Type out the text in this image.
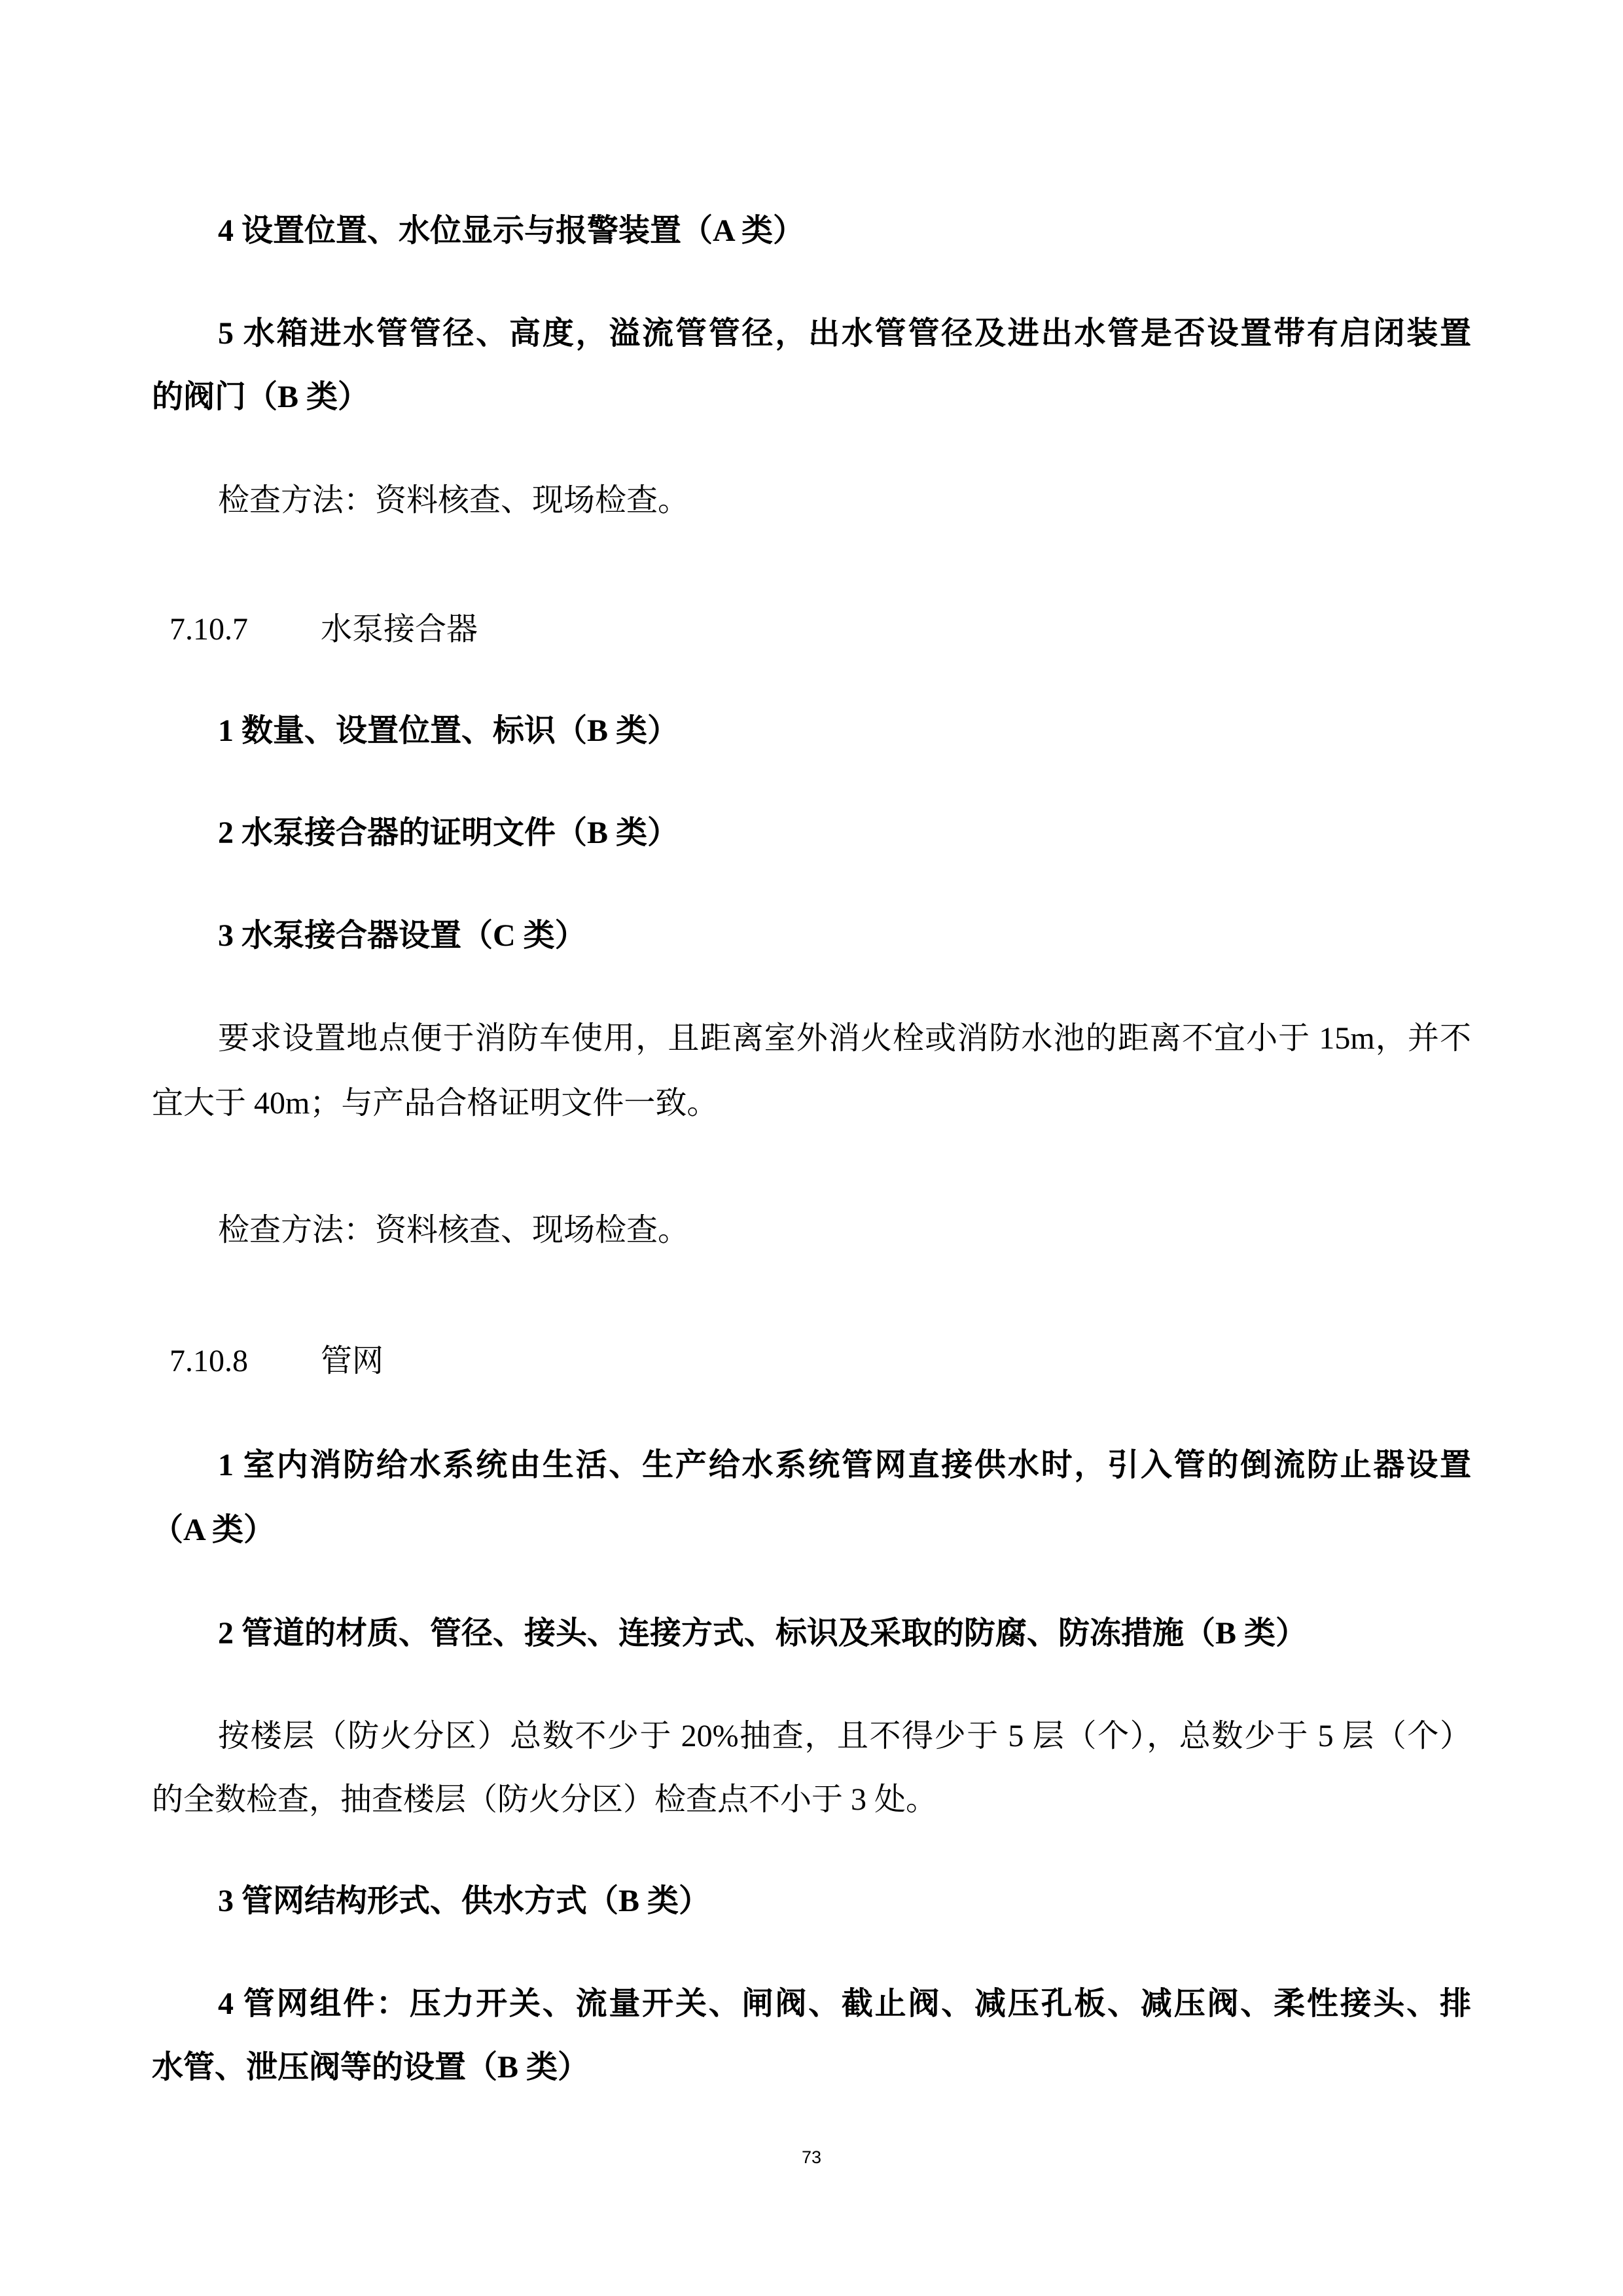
4 设置位置、水位显示与报警装置（A 类）
5 水箱进水管管径、高度，溢流管管径，出水管管径及进出水管是否设置带有启闭装置
的阀门（B 类）
检查方法：资料核查、现场检查。
7.10.7 水泵接合器
1 数量、设置位置、标识（B 类）
2 水泵接合器的证明文件（B 类）
3 水泵接合器设置（C 类）
要求设置地点便于消防车使用，且距离室外消火栓或消防水池的距离不宜小于 15m，并不
宜大于 40m；与产品合格证明文件一致。
检查方法：资料核查、现场检查。
7.10.8 管网
1 室内消防给水系统由生活、生产给水系统管网直接供水时，引入管的倒流防止器设置
（A 类）
2 管道的材质、管径、接头、连接方式、标识及采取的防腐、防冻措施（B 类）
按楼层（防火分区）总数不少于 20%抽查，且不得少于 5 层（个），总数少于 5 层（个）
的全数检查，抽查楼层（防火分区）检查点不小于 3 处。
3 管网结构形式、供水方式（B 类）
4 管网组件：压力开关、流量开关、闸阀、截止阀、减压孔板、减压阀、柔性接头、排
水管、泄压阀等的设置（B 类）
73
